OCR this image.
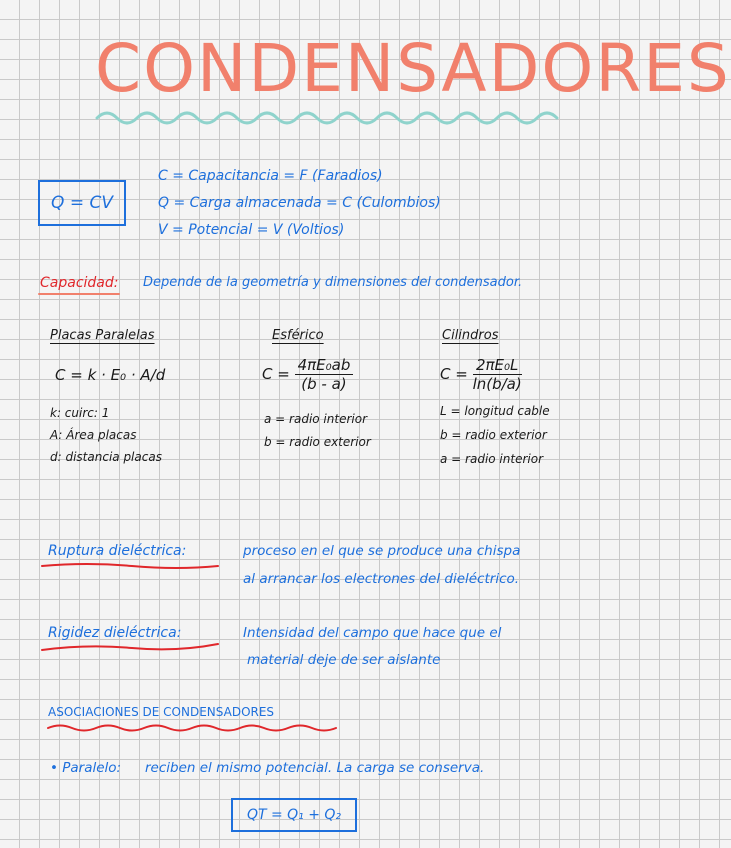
CONDENSADORES
Q = CV
C = Capacitancia = F (Faradios)
Q = Carga almacenada = C (Culombios)
V = Potencial = V (Voltios)
Capacidad: Depende de la geometría y dimensiones del condensador.
Placas Paralelas
C = k · E₀ · A/d
k: cuirc: 1
A: Área placas
d: distancia placas
Esférico
$C = \frac{\text{4πE₀ab}}{(b - a)}$
a = radio interior
b = radio exterior
Cilindros
$C = \frac{\text{2πE₀L}}{\ln(b/a)}$
L = longitud cable
b = radio exterior
a = radio interior
Ruptura dieléctrica:	proceso en el que se produce una chispa
al arrancar los electrones del dieléctrico.
Rigidez dieléctrica:	Intensidad del campo que hace que el
material deje de ser aislante
ASOCIACIONES DE CONDENSADORES
• Paralelo: reciben el mismo potencial. La carga se conserva.
QT = Q₁ + Q₂
